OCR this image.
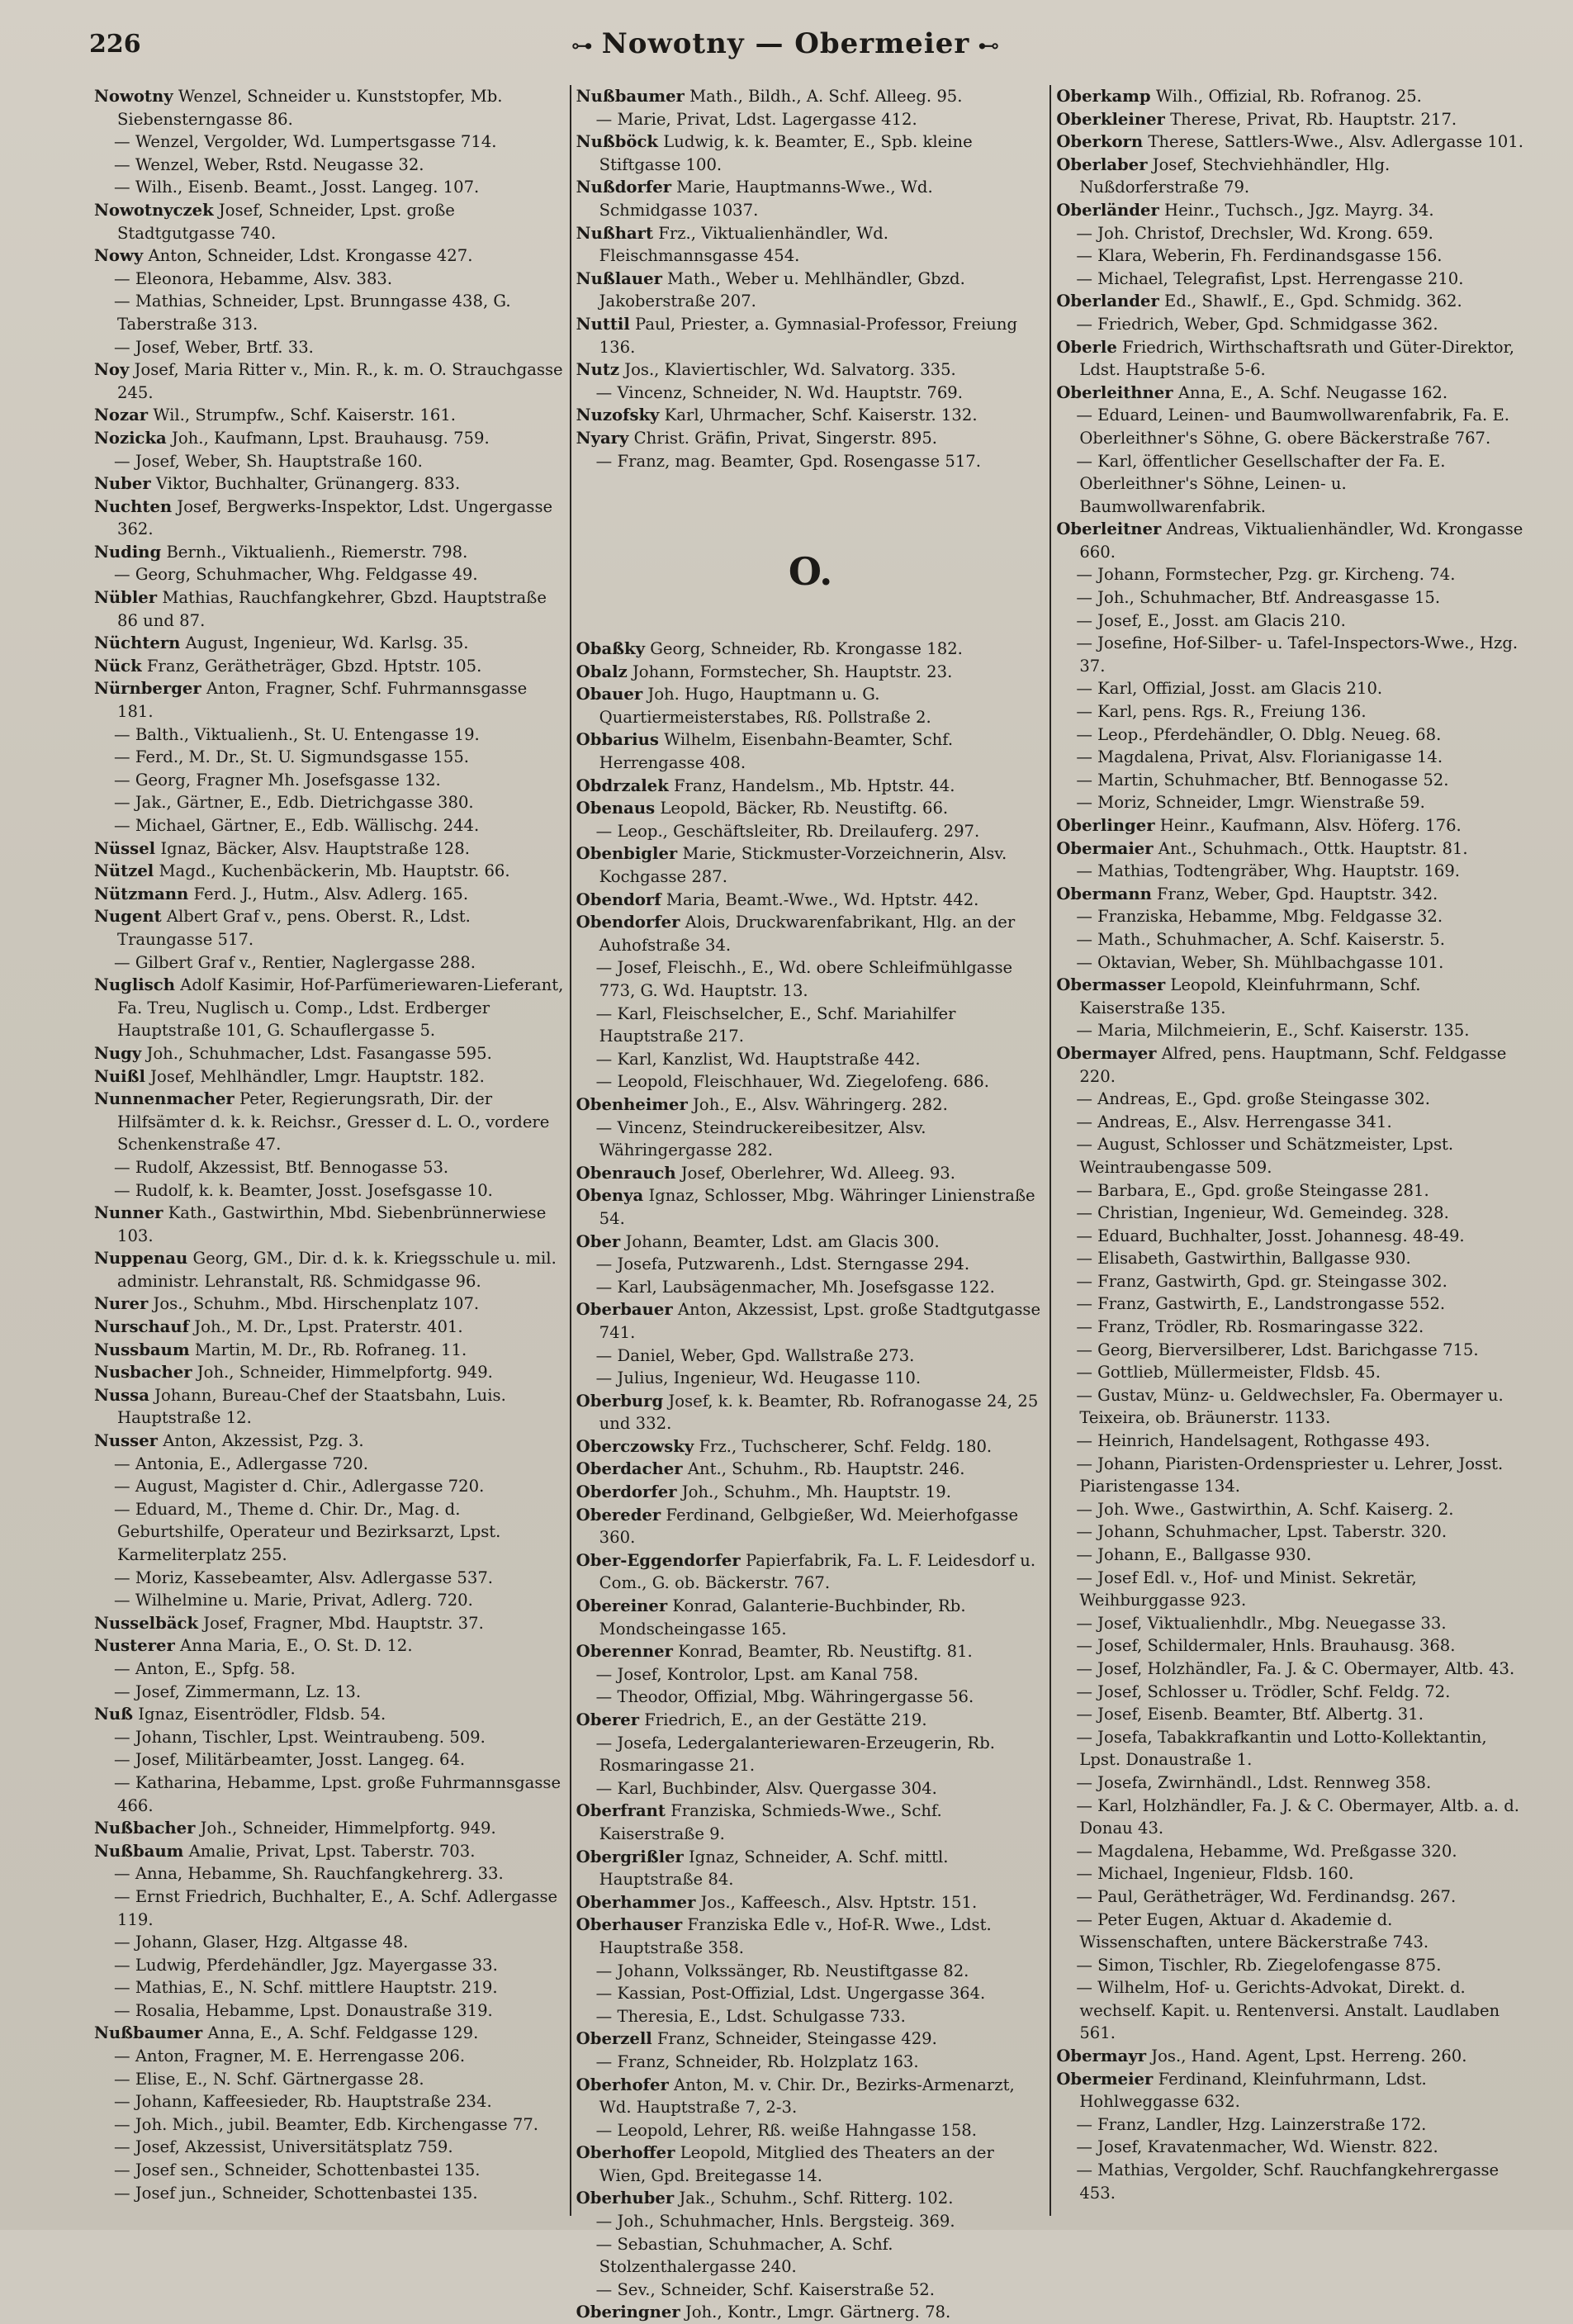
226	⊶ Nowotny — Obermeier ⊷
Nowotny Wenzel, Schneider u. Kunststopfer, Mb. Siebensterngasse 86.
— Wenzel, Vergolder, Wd. Lumpertsgasse 714.
— Wenzel, Weber, Rstd. Neugasse 32.
— Wilh., Eisenb. Beamt., Josst. Langeg. 107.
Nowotnyczek Josef, Schneider, Lpst. große Stadtgutgasse 740.
Nowy Anton, Schneider, Ldst. Krongasse 427.
— Eleonora, Hebamme, Alsv. 383.
— Mathias, Schneider, Lpst. Brunngasse 438, G. Taberstraße 313.
— Josef, Weber, Brtf. 33.
Noy Josef, Maria Ritter v., Min. R., k. m. O. Strauchgasse 245.
Nozar Wil., Strumpfw., Schf. Kaiserstr. 161.
Nozicka Joh., Kaufmann, Lpst. Brauhausg. 759.
— Josef, Weber, Sh. Hauptstraße 160.
Nuber Viktor, Buchhalter, Grünangerg. 833.
Nuchten Josef, Bergwerks-Inspektor, Ldst. Ungergasse 362.
Nuding Bernh., Viktualienh., Riemerstr. 798.
— Georg, Schuhmacher, Whg. Feldgasse 49.
Nübler Mathias, Rauchfangkehrer, Gbzd. Hauptstraße 86 und 87.
Nüchtern August, Ingenieur, Wd. Karlsg. 35.
Nück Franz, Gerätheträger, Gbzd. Hptstr. 105.
Nürnberger Anton, Fragner, Schf. Fuhrmannsgasse 181.
— Balth., Viktualienh., St. U. Entengasse 19.
— Ferd., M. Dr., St. U. Sigmundsgasse 155.
— Georg, Fragner Mh. Josefsgasse 132.
— Jak., Gärtner, E., Edb. Dietrichgasse 380.
— Michael, Gärtner, E., Edb. Wällischg. 244.
Nüssel Ignaz, Bäcker, Alsv. Hauptstraße 128.
Nützel Magd., Kuchenbäckerin, Mb. Hauptstr. 66.
Nützmann Ferd. J., Hutm., Alsv. Adlerg. 165.
Nugent Albert Graf v., pens. Oberst. R., Ldst. Traungasse 517.
— Gilbert Graf v., Rentier, Naglergasse 288.
Nuglisch Adolf Kasimir, Hof-Parfümeriewaren-Lieferant, Fa. Treu, Nuglisch u. Comp., Ldst. Erdberger Hauptstraße 101, G. Schauflergasse 5.
Nugy Joh., Schuhmacher, Ldst. Fasangasse 595.
Nuißl Josef, Mehlhändler, Lmgr. Hauptstr. 182.
Nunnenmacher Peter, Regierungsrath, Dir. der Hilfsämter d. k. k. Reichsr., Gresser d. L. O., vordere Schenkenstraße 47.
— Rudolf, Akzessist, Btf. Bennogasse 53.
— Rudolf, k. k. Beamter, Josst. Josefsgasse 10.
Nunner Kath., Gastwirthin, Mbd. Siebenbrünnerwiese 103.
Nuppenau Georg, GM., Dir. d. k. k. Kriegsschule u. mil. administr. Lehranstalt, Rß. Schmidgasse 96.
Nurer Jos., Schuhm., Mbd. Hirschenplatz 107.
Nurschauf Joh., M. Dr., Lpst. Praterstr. 401.
Nussbaum Martin, M. Dr., Rb. Rofraneg. 11.
Nusbacher Joh., Schneider, Himmelpfortg. 949.
Nussa Johann, Bureau-Chef der Staatsbahn, Luis. Hauptstraße 12.
Nusser Anton, Akzessist, Pzg. 3.
— Antonia, E., Adlergasse 720.
— August, Magister d. Chir., Adlergasse 720.
— Eduard, M., Theme d. Chir. Dr., Mag. d. Geburtshilfe, Operateur und Bezirksarzt, Lpst. Karmeliterplatz 255.
— Moriz, Kassebeamter, Alsv. Adlergasse 537.
— Wilhelmine u. Marie, Privat, Adlerg. 720.
Nusselbäck Josef, Fragner, Mbd. Hauptstr. 37.
Nusterer Anna Maria, E., O. St. D. 12.
— Anton, E., Spfg. 58.
— Josef, Zimmermann, Lz. 13.
Nuß Ignaz, Eisentrödler, Fldsb. 54.
— Johann, Tischler, Lpst. Weintraubeng. 509.
— Josef, Militärbeamter, Josst. Langeg. 64.
— Katharina, Hebamme, Lpst. große Fuhrmannsgasse 466.
Nußbacher Joh., Schneider, Himmelpfortg. 949.
Nußbaum Amalie, Privat, Lpst. Taberstr. 703.
— Anna, Hebamme, Sh. Rauchfangkehrerg. 33.
— Ernst Friedrich, Buchhalter, E., A. Schf. Adlergasse 119.
— Johann, Glaser, Hzg. Altgasse 48.
— Ludwig, Pferdehändler, Jgz. Mayergasse 33.
— Mathias, E., N. Schf. mittlere Hauptstr. 219.
— Rosalia, Hebamme, Lpst. Donaustraße 319.
Nußbaumer Anna, E., A. Schf. Feldgasse 129.
— Anton, Fragner, M. E. Herrengasse 206.
— Elise, E., N. Schf. Gärtnergasse 28.
— Johann, Kaffeesieder, Rb. Hauptstraße 234.
— Joh. Mich., jubil. Beamter, Edb. Kirchengasse 77.
— Josef, Akzessist, Universitätsplatz 759.
— Josef sen., Schneider, Schottenbastei 135.
— Josef jun., Schneider, Schottenbastei 135.
Nußbaumer Math., Bildh., A. Schf. Alleeg. 95.
— Marie, Privat, Ldst. Lagergasse 412.
Nußböck Ludwig, k. k. Beamter, E., Spb. kleine Stiftgasse 100.
Nußdorfer Marie, Hauptmanns-Wwe., Wd. Schmidgasse 1037.
Nußhart Frz., Viktualienhändler, Wd. Fleischmannsgasse 454.
Nußlauer Math., Weber u. Mehlhändler, Gbzd. Jakoberstraße 207.
Nuttil Paul, Priester, a. Gymnasial-Professor, Freiung 136.
Nutz Jos., Klaviertischler, Wd. Salvatorg. 335.
— Vincenz, Schneider, N. Wd. Hauptstr. 769.
Nuzofsky Karl, Uhrmacher, Schf. Kaiserstr. 132.
Nyary Christ. Gräfin, Privat, Singerstr. 895.
— Franz, mag. Beamter, Gpd. Rosengasse 517.
O.
Obaßky Georg, Schneider, Rb. Krongasse 182.
Obalz Johann, Formstecher, Sh. Hauptstr. 23.
Obauer Joh. Hugo, Hauptmann u. G. Quartiermeisterstabes, Rß. Pollstraße 2.
Obbarius Wilhelm, Eisenbahn-Beamter, Schf. Herrengasse 408.
Obdrzalek Franz, Handelsm., Mb. Hptstr. 44.
Obenaus Leopold, Bäcker, Rb. Neustiftg. 66.
— Leop., Geschäftsleiter, Rb. Dreilauferg. 297.
Obenbigler Marie, Stickmuster-Vorzeichnerin, Alsv. Kochgasse 287.
Obendorf Maria, Beamt.-Wwe., Wd. Hptstr. 442.
Obendorfer Alois, Druckwarenfabrikant, Hlg. an der Auhofstraße 34.
— Josef, Fleischh., E., Wd. obere Schleifmühlgasse 773, G. Wd. Hauptstr. 13.
— Karl, Fleischselcher, E., Schf. Mariahilfer Hauptstraße 217.
— Karl, Kanzlist, Wd. Hauptstraße 442.
— Leopold, Fleischhauer, Wd. Ziegelofeng. 686.
Obenheimer Joh., E., Alsv. Währingerg. 282.
— Vincenz, Steindruckereibesitzer, Alsv. Währingergasse 282.
Obenrauch Josef, Oberlehrer, Wd. Alleeg. 93.
Obenya Ignaz, Schlosser, Mbg. Währinger Linienstraße 54.
Ober Johann, Beamter, Ldst. am Glacis 300.
— Josefa, Putzwarenh., Ldst. Sterngasse 294.
— Karl, Laubsägenmacher, Mh. Josefsgasse 122.
Oberbauer Anton, Akzessist, Lpst. große Stadtgutgasse 741.
— Daniel, Weber, Gpd. Wallstraße 273.
— Julius, Ingenieur, Wd. Heugasse 110.
Oberburg Josef, k. k. Beamter, Rb. Rofranogasse 24, 25 und 332.
Oberczowsky Frz., Tuchscherer, Schf. Feldg. 180.
Oberdacher Ant., Schuhm., Rb. Hauptstr. 246.
Oberdorfer Joh., Schuhm., Mh. Hauptstr. 19.
Obereder Ferdinand, Gelbgießer, Wd. Meierhofgasse 360.
Ober-Eggendorfer Papierfabrik, Fa. L. F. Leidesdorf u. Com., G. ob. Bäckerstr. 767.
Obereiner Konrad, Galanterie-Buchbinder, Rb. Mondscheingasse 165.
Oberenner Konrad, Beamter, Rb. Neustiftg. 81.
— Josef, Kontrolor, Lpst. am Kanal 758.
— Theodor, Offizial, Mbg. Währingergasse 56.
Oberer Friedrich, E., an der Gestätte 219.
— Josefa, Ledergalanteriewaren-Erzeugerin, Rb. Rosmaringasse 21.
— Karl, Buchbinder, Alsv. Quergasse 304.
Oberfrant Franziska, Schmieds-Wwe., Schf. Kaiserstraße 9.
Obergrißler Ignaz, Schneider, A. Schf. mittl. Hauptstraße 84.
Oberhammer Jos., Kaffeesch., Alsv. Hptstr. 151.
Oberhauser Franziska Edle v., Hof-R. Wwe., Ldst. Hauptstraße 358.
— Johann, Volkssänger, Rb. Neustiftgasse 82.
— Kassian, Post-Offizial, Ldst. Ungergasse 364.
— Theresia, E., Ldst. Schulgasse 733.
Oberzell Franz, Schneider, Steingasse 429.
— Franz, Schneider, Rb. Holzplatz 163.
Oberhofer Anton, M. v. Chir. Dr., Bezirks-Armenarzt, Wd. Hauptstraße 7, 2-3.
— Leopold, Lehrer, Rß. weiße Hahngasse 158.
Oberhoffer Leopold, Mitglied des Theaters an der Wien, Gpd. Breitegasse 14.
Oberhuber Jak., Schuhm., Schf. Ritterg. 102.
— Joh., Schuhmacher, Hnls. Bergsteig. 369.
— Sebastian, Schuhmacher, A. Schf. Stolzenthalergasse 240.
— Sev., Schneider, Schf. Kaiserstraße 52.
Oberingner Joh., Kontr., Lmgr. Gärtnerg. 78.
Oberkamp Wilh., Offizial, Rb. Rofranog. 25.
Oberkleiner Therese, Privat, Rb. Hauptstr. 217.
Oberkorn Therese, Sattlers-Wwe., Alsv. Adlergasse 101.
Oberlaber Josef, Stechviehhändler, Hlg. Nußdorferstraße 79.
Oberländer Heinr., Tuchsch., Jgz. Mayrg. 34.
— Joh. Christof, Drechsler, Wd. Krong. 659.
— Klara, Weberin, Fh. Ferdinandsgasse 156.
— Michael, Telegrafist, Lpst. Herrengasse 210.
Oberlander Ed., Shawlf., E., Gpd. Schmidg. 362.
— Friedrich, Weber, Gpd. Schmidgasse 362.
Oberle Friedrich, Wirthschaftsrath und Güter-Direktor, Ldst. Hauptstraße 5-6.
Oberleithner Anna, E., A. Schf. Neugasse 162.
— Eduard, Leinen- und Baumwollwarenfabrik, Fa. E. Oberleithner's Söhne, G. obere Bäckerstraße 767.
— Karl, öffentlicher Gesellschafter der Fa. E. Oberleithner's Söhne, Leinen- u. Baumwollwarenfabrik.
Oberleitner Andreas, Viktualienhändler, Wd. Krongasse 660.
— Johann, Formstecher, Pzg. gr. Kircheng. 74.
— Joh., Schuhmacher, Btf. Andreasgasse 15.
— Josef, E., Josst. am Glacis 210.
— Josefine, Hof-Silber- u. Tafel-Inspectors-Wwe., Hzg. 37.
— Karl, Offizial, Josst. am Glacis 210.
— Karl, pens. Rgs. R., Freiung 136.
— Leop., Pferdehändler, O. Dblg. Neueg. 68.
— Magdalena, Privat, Alsv. Florianigasse 14.
— Martin, Schuhmacher, Btf. Bennogasse 52.
— Moriz, Schneider, Lmgr. Wienstraße 59.
Oberlinger Heinr., Kaufmann, Alsv. Höferg. 176.
Obermaier Ant., Schuhmach., Ottk. Hauptstr. 81.
— Mathias, Todtengräber, Whg. Hauptstr. 169.
Obermann Franz, Weber, Gpd. Hauptstr. 342.
— Franziska, Hebamme, Mbg. Feldgasse 32.
— Math., Schuhmacher, A. Schf. Kaiserstr. 5.
— Oktavian, Weber, Sh. Mühlbachgasse 101.
Obermasser Leopold, Kleinfuhrmann, Schf. Kaiserstraße 135.
— Maria, Milchmeierin, E., Schf. Kaiserstr. 135.
Obermayer Alfred, pens. Hauptmann, Schf. Feldgasse 220.
— Andreas, E., Gpd. große Steingasse 302.
— Andreas, E., Alsv. Herrengasse 341.
— August, Schlosser und Schätzmeister, Lpst. Weintraubengasse 509.
— Barbara, E., Gpd. große Steingasse 281.
— Christian, Ingenieur, Wd. Gemeindeg. 328.
— Eduard, Buchhalter, Josst. Johannesg. 48-49.
— Elisabeth, Gastwirthin, Ballgasse 930.
— Franz, Gastwirth, Gpd. gr. Steingasse 302.
— Franz, Gastwirth, E., Landstrongasse 552.
— Franz, Trödler, Rb. Rosmaringasse 322.
— Georg, Bierversilberer, Ldst. Barichgasse 715.
— Gottlieb, Müllermeister, Fldsb. 45.
— Gustav, Münz- u. Geldwechsler, Fa. Obermayer u. Teixeira, ob. Bräunerstr. 1133.
— Heinrich, Handelsagent, Rothgasse 493.
— Johann, Piaristen-Ordenspriester u. Lehrer, Josst. Piaristengasse 134.
— Joh. Wwe., Gastwirthin, A. Schf. Kaiserg. 2.
— Johann, Schuhmacher, Lpst. Taberstr. 320.
— Johann, E., Ballgasse 930.
— Josef Edl. v., Hof- und Minist. Sekretär, Weihburggasse 923.
— Josef, Viktualienhdlr., Mbg. Neuegasse 33.
— Josef, Schildermaler, Hnls. Brauhausg. 368.
— Josef, Holzhändler, Fa. J. & C. Obermayer, Altb. 43.
— Josef, Schlosser u. Trödler, Schf. Feldg. 72.
— Josef, Eisenb. Beamter, Btf. Albertg. 31.
— Josefa, Tabakkrafkantin und Lotto-Kollektantin, Lpst. Donaustraße 1.
— Josefa, Zwirnhändl., Ldst. Rennweg 358.
— Karl, Holzhändler, Fa. J. & C. Obermayer, Altb. a. d. Donau 43.
— Magdalena, Hebamme, Wd. Preßgasse 320.
— Michael, Ingenieur, Fldsb. 160.
— Paul, Gerätheträger, Wd. Ferdinandsg. 267.
— Peter Eugen, Aktuar d. Akademie d. Wissenschaften, untere Bäckerstraße 743.
— Simon, Tischler, Rb. Ziegelofengasse 875.
— Wilhelm, Hof- u. Gerichts-Advokat, Direkt. d. wechself. Kapit. u. Rentenversi. Anstalt. Laudlaben 561.
Obermayr Jos., Hand. Agent, Lpst. Herreng. 260.
Obermeier Ferdinand, Kleinfuhrmann, Ldst. Hohlweggasse 632.
— Franz, Landler, Hzg. Lainzerstraße 172.
— Josef, Kravatenmacher, Wd. Wienstr. 822.
— Mathias, Vergolder, Schf. Rauchfangkehrergasse 453.
